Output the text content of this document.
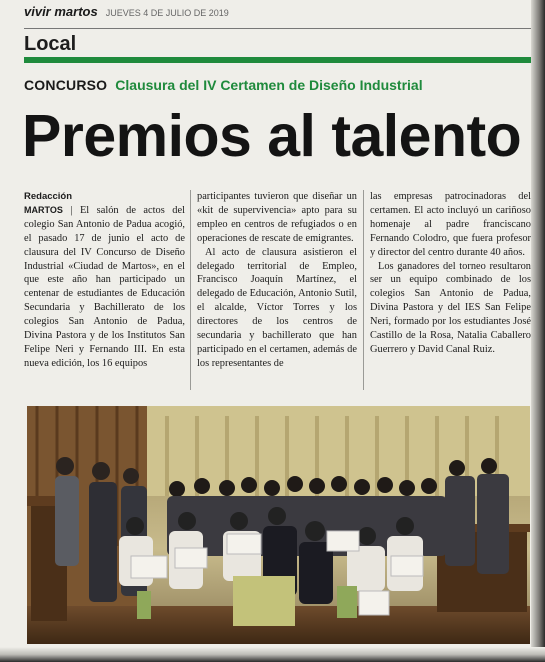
vivir martos JUEVES 4 DE JULIO DE 2019
Local
CONCURSO Clausura del IV Certamen de Diseño Industrial
Premios al talento
Redacción
MARTOS | El salón de actos del colegio San Antonio de Padua acogió, el pasado 17 de junio el acto de clausura del IV Concurso de Diseño Industrial «Ciudad de Martos», en el que este año han participado un centenar de estudiantes de Educación Secundaria y Bachillerato de los colegios San Antonio de Padua, Divina Pastora y de los Institutos San Felipe Neri y Fernando III. En esta nueva edición, los 16 equipos

participantes tuvieron que diseñar un «kit de supervivencia» apto para su empleo en centros de refugiados o en operaciones de rescate de emigrantes.

Al acto de clausura asistieron el delegado territorial de Empleo, Francisco Joaquín Martínez, el delegado de Educación, Antonio Sutil, el alcalde, Víctor Torres y los directores de los centros de secundaria y bachillerato que han participado en el certamen, además de los representantes de

las empresas patrocinadoras del certamen. El acto incluyó un cariñoso homenaje al padre franciscano Fernando Colodro, que fuera profesor y director del centro durante 40 años.

Los ganadores del torneo resultaron ser un equipo combinado de los colegios San Antonio de Padua, Divina Pastora y del IES San Felipe Neri, formado por los estudiantes José Castillo de la Rosa, Natalia Caballero Guerrero y David Canal Ruiz.
